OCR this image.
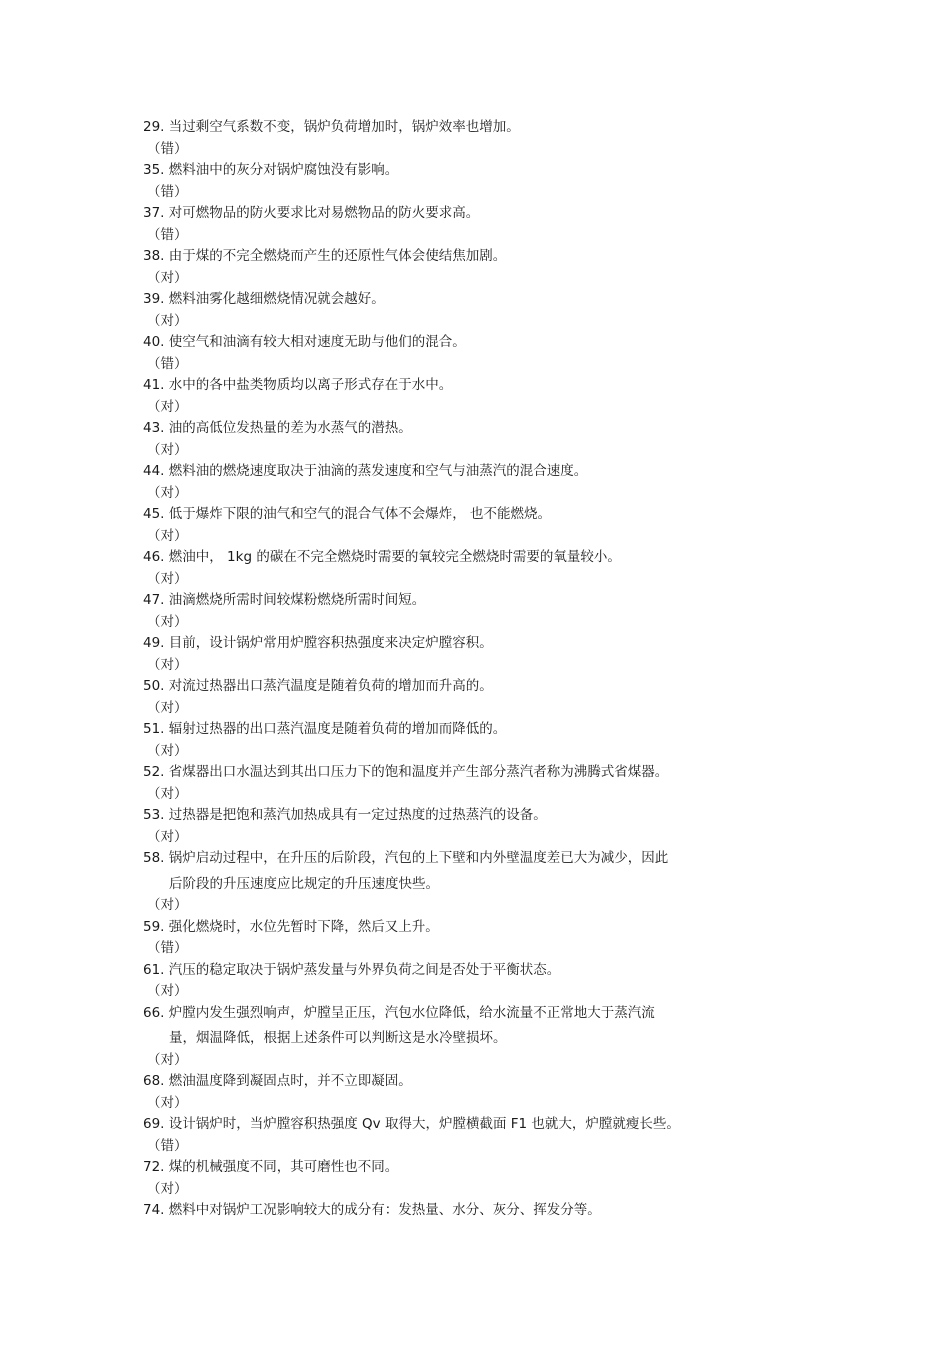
29. 当过剩空气系数不变，锅炉负荷增加时，锅炉效率也增加。
（错）
35. 燃料油中的灰分对锅炉腐蚀没有影响。
（错）
37. 对可燃物品的防火要求比对易燃物品的防火要求高。
（错）
38. 由于煤的不完全燃烧而产生的还原性气体会使结焦加剧。
（对）
39. 燃料油雾化越细燃烧情况就会越好。
（对）
40. 使空气和油滴有较大相对速度无助与他们的混合。
（错）
41. 水中的各中盐类物质均以离子形式存在于水中。
（对）
43. 油的高低位发热量的差为水蒸气的潜热。
（对）
44. 燃料油的燃烧速度取决于油滴的蒸发速度和空气与油蒸汽的混合速度。
（对）
45. 低于爆炸下限的油气和空气的混合气体不会爆炸， 也不能燃烧。
（对）
46. 燃油中， 1kg 的碳在不完全燃烧时需要的氧较完全燃烧时需要的氧量较小。
（对）
47. 油滴燃烧所需时间较煤粉燃烧所需时间短。
（对）
49. 目前，设计锅炉常用炉膛容积热强度来决定炉膛容积。
（对）
50. 对流过热器出口蒸汽温度是随着负荷的增加而升高的。
（对）
51. 辐射过热器的出口蒸汽温度是随着负荷的增加而降低的。
（对）
52. 省煤器出口水温达到其出口压力下的饱和温度并产生部分蒸汽者称为沸腾式省煤器。
（对）
53. 过热器是把饱和蒸汽加热成具有一定过热度的过热蒸汽的设备。
（对）
58. 锅炉启动过程中，在升压的后阶段，汽包的上下壁和内外壁温度差已大为减少，因此
后阶段的升压速度应比规定的升压速度快些。
（对）
59. 强化燃烧时，水位先暂时下降，然后又上升。
（错）
61. 汽压的稳定取决于锅炉蒸发量与外界负荷之间是否处于平衡状态。
（对）
66. 炉膛内发生强烈响声，炉膛呈正压，汽包水位降低，给水流量不正常地大于蒸汽流
量，烟温降低，根据上述条件可以判断这是水冷壁损坏。
（对）
68. 燃油温度降到凝固点时，并不立即凝固。
（对）
69. 设计锅炉时，当炉膛容积热强度 Qv 取得大，炉膛横截面 F1 也就大，炉膛就瘦长些。
（错）
72. 煤的机械强度不同，其可磨性也不同。
（对）
74. 燃料中对锅炉工况影响较大的成分有：发热量、水分、灰分、挥发分等。
